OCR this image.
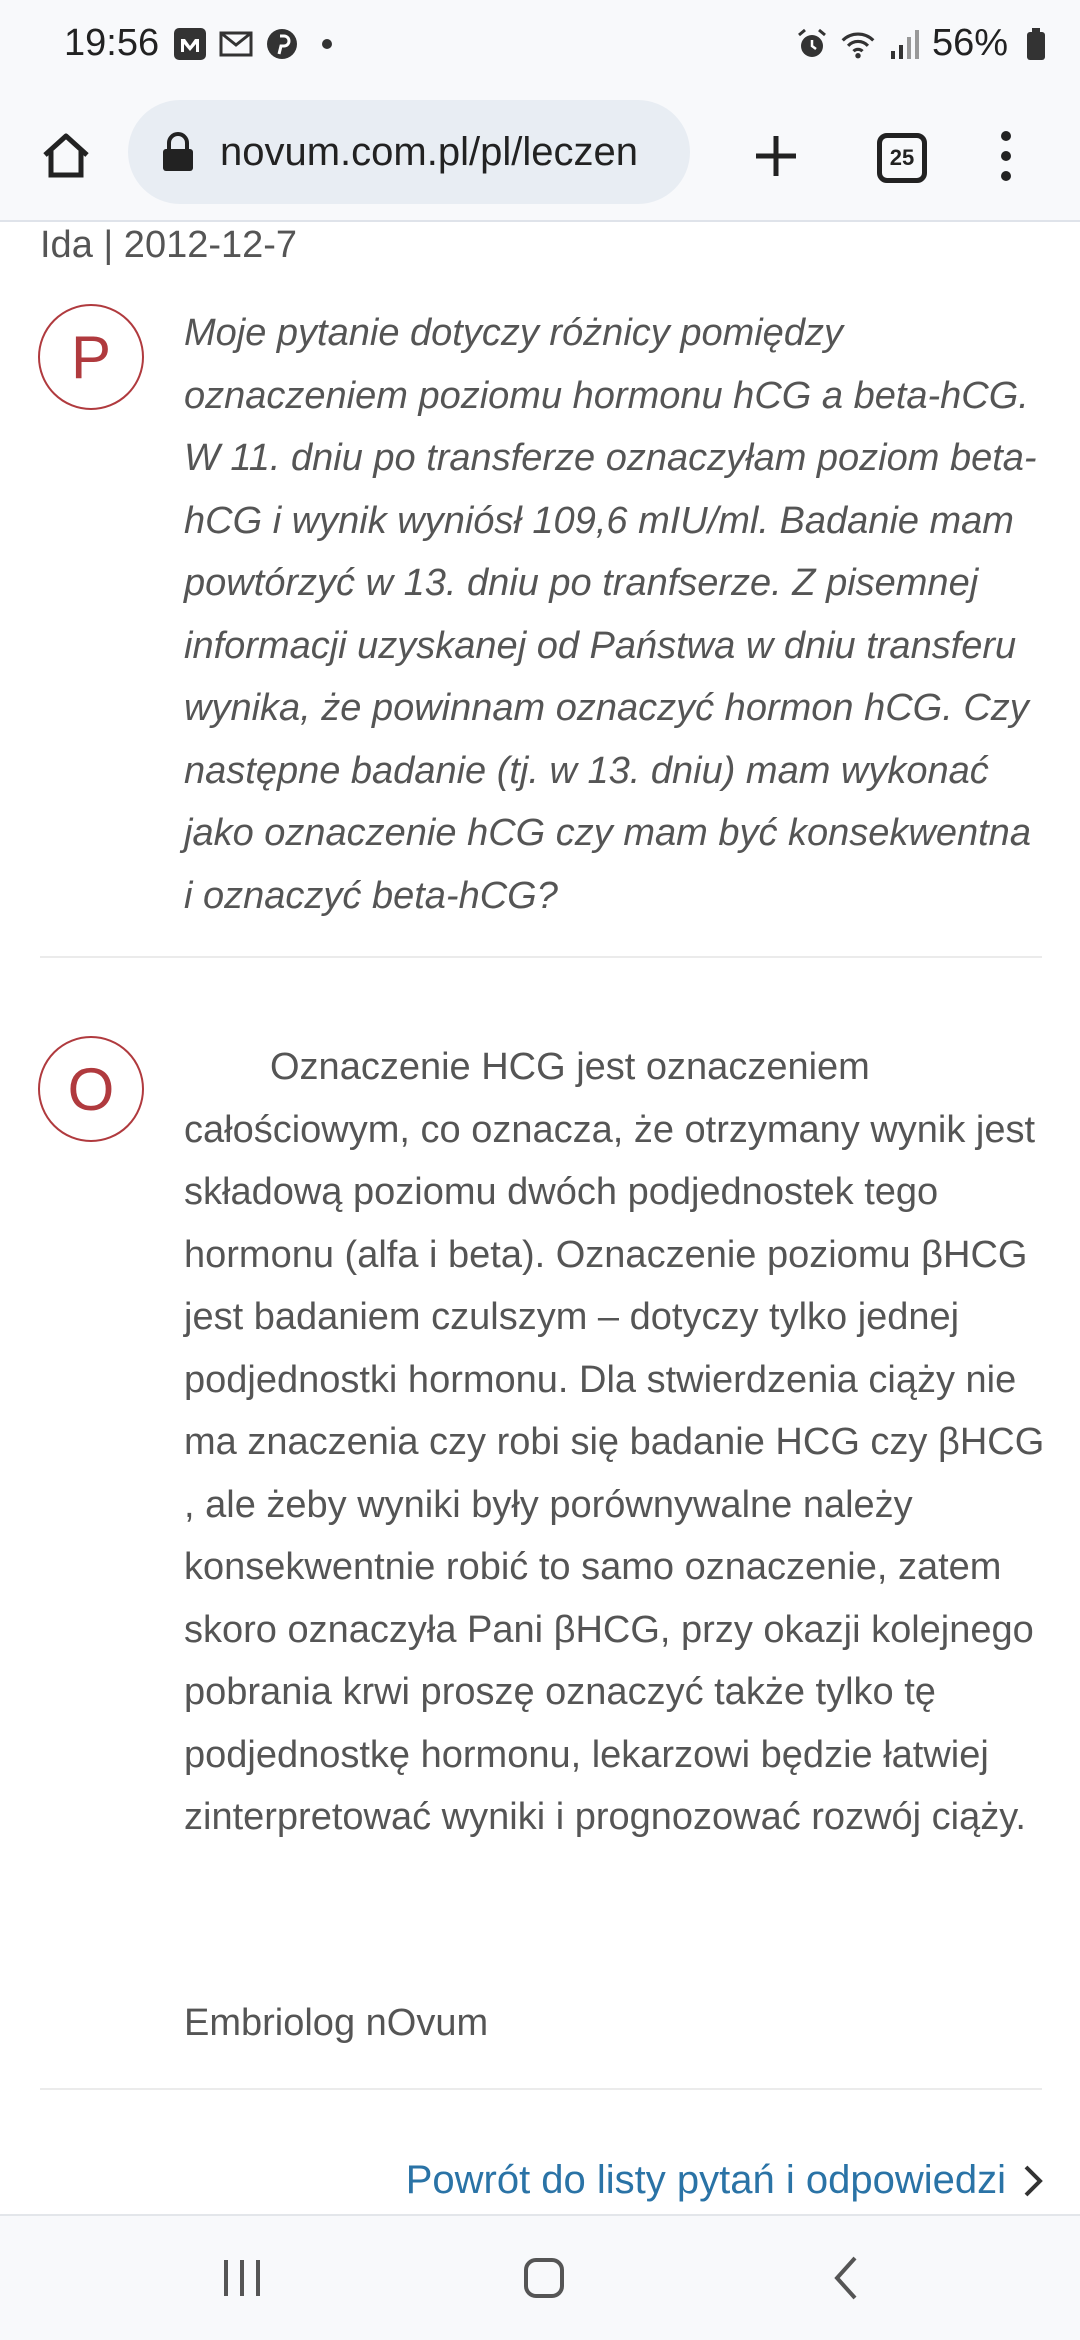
19:56	56%
novum.com.pl/pl/leczen	25
Ida | 2012-12-7
P	Moje pytanie dotyczy różnicy pomiędzy oznaczeniem poziomu hormonu hCG a beta-hCG. W 11. dniu po transferze oznaczyłam poziom beta-hCG i wynik wyniósł 109,6 mIU/ml. Badanie mam powtórzyć w 13. dniu po tranfserze. Z pisemnej informacji uzyskanej od Państwa w dniu transferu wynika, że powinnam oznaczyć hormon hCG. Czy następne badanie (tj. w 13. dniu) mam wykonać jako oznaczenie hCG czy mam być konsekwentna i oznaczyć beta-hCG?
O	Oznaczenie HCG jest oznaczeniem całościowym, co oznacza, że otrzymany wynik jest składową poziomu dwóch podjednostek tego hormonu (alfa i beta). Oznaczenie poziomu βHCG jest badaniem czulszym – dotyczy tylko jednej podjednostki hormonu. Dla stwierdzenia ciąży nie ma znaczenia czy robi się badanie HCG czy βHCG , ale żeby wyniki były porównywalne należy konsekwentnie robić to samo oznaczenie, zatem skoro oznaczyła Pani βHCG, przy okazji kolejnego pobrania krwi proszę oznaczyć także tylko tę podjednostkę hormonu, lekarzowi będzie łatwiej zinterpretować wyniki i prognozować rozwój ciąży.

Embriolog nOvum
Powrót do listy pytań i odpowiedzi
